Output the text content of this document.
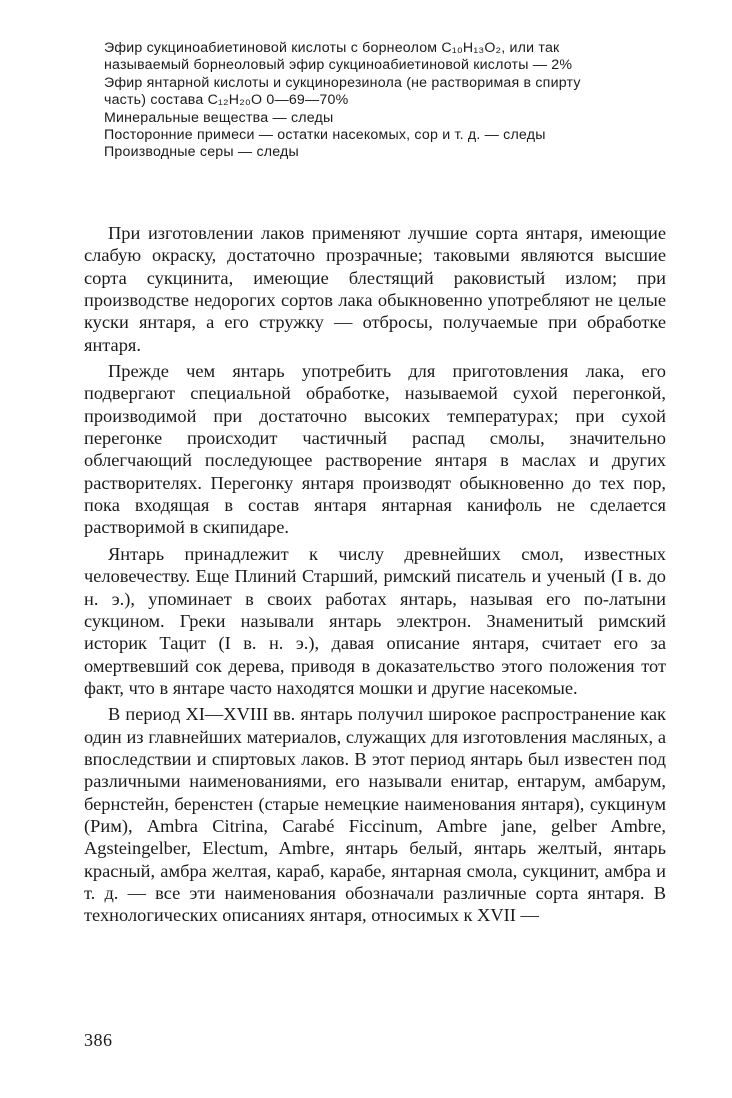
Эфир сукциноабиетиновой кислоты с борнеолом C₁₀H₁₃O₂, или так называемый борнеоловый эфир сукциноабиетиновой кислоты — 2%

Эфир янтарной кислоты и сукцинорезинола (не растворимая в спирту часть) состава C₁₂H₂₀O 0—69—70%

Минеральные вещества — следы

Посторонние примеси — остатки насекомых, сор и т. д. — следы

Производные серы — следы

При изготовлении лаков применяют лучшие сорта янтаря, имеющие слабую окраску, достаточно прозрачные; таковыми являются высшие сорта сукцинита, имеющие блестящий раковистый излом; при производстве недорогих сортов лака обыкновенно употребляют не целые куски янтаря, а его стружку — отбросы, получаемые при обработке янтаря.

Прежде чем янтарь употребить для приготовления лака, его подвергают специальной обработке, называемой сухой перегонкой, производимой при достаточно высоких температурах; при сухой перегонке происходит частичный распад смолы, значительно облегчающий последующее растворение янтаря в маслах и других растворителях. Перегонку янтаря производят обыкновенно до тех пор, пока входящая в состав янтаря янтарная канифоль не сделается растворимой в скипидаре.

Янтарь принадлежит к числу древнейших смол, известных человечеству. Еще Плиний Старший, римский писатель и ученый (I в. до н. э.), упоминает в своих работах янтарь, называя его по-латыни сукцином. Греки называли янтарь электрон. Знаменитый римский историк Тацит (I в. н. э.), давая описание янтаря, считает его за омертвевший сок дерева, приводя в доказательство этого положения тот факт, что в янтаре часто находятся мошки и другие насекомые.

В период XI—XVIII вв. янтарь получил широкое распространение как один из главнейших материалов, служащих для изготовления масляных, а впоследствии и спиртовых лаков. В этот период янтарь был известен под различными наименованиями, его называли енитар, ентарум, амбарум, бернстейн, беренстен (старые немецкие наименования янтаря), сукцинум (Рим), Ambra Citrina, Carabé Ficcinum, Ambre jane, gelber Ambre, Agsteingelber, Electum, Ambre, янтарь белый, янтарь желтый, янтарь красный, амбра желтая, караб, карабе, янтарная смола, сукцинит, амбра и т. д. — все эти наименования обозначали различные сорта янтаря. В технологических описаниях янтаря, относимых к XVII —

386
